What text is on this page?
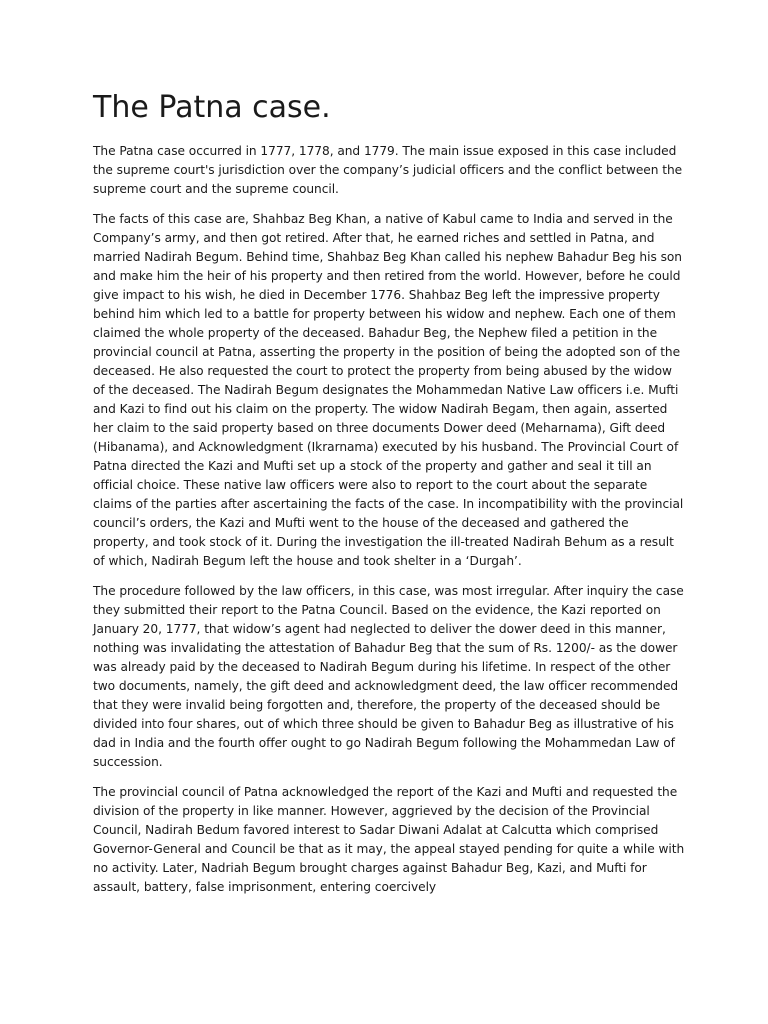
The Patna case.

The Patna case occurred in 1777, 1778, and 1779. The main issue exposed in this case included the supreme court's jurisdiction over the company’s judicial officers and the conflict between the supreme court and the supreme council.

The facts of this case are, Shahbaz Beg Khan, a native of Kabul came to India and served in the Company’s army, and then got retired. After that, he earned riches and settled in Patna, and married Nadirah Begum. Behind time, Shahbaz Beg Khan called his nephew Bahadur Beg his son and make him the heir of his property and then retired from the world. However, before he could give impact to his wish, he died in December 1776. Shahbaz Beg left the impressive property behind him which led to a battle for property between his widow and nephew. Each one of them claimed the whole property of the deceased. Bahadur Beg, the Nephew filed a petition in the provincial council at Patna, asserting the property in the position of being the adopted son of the deceased. He also requested the court to protect the property from being abused by the widow of the deceased. The Nadirah Begum designates the Mohammedan Native Law officers i.e. Mufti and Kazi to find out his claim on the property. The widow Nadirah Begam, then again, asserted her claim to the said property based on three documents Dower deed (Meharnama), Gift deed (Hibanama), and Acknowledgment (Ikrarnama) executed by his husband. The Provincial Court of Patna directed the Kazi and Mufti set up a stock of the property and gather and seal it till an official choice. These native law officers were also to report to the court about the separate claims of the parties after ascertaining the facts of the case. In incompatibility with the provincial council’s orders, the Kazi and Mufti went to the house of the deceased and gathered the property, and took stock of it. During the investigation the ill-treated Nadirah Behum as a result of which, Nadirah Begum left the house and took shelter in a ‘Durgah’.

The procedure followed by the law officers, in this case, was most irregular. After inquiry the case they submitted their report to the Patna Council. Based on the evidence, the Kazi reported on January 20, 1777, that widow’s agent had neglected to deliver the dower deed in this manner, nothing was invalidating the attestation of Bahadur Beg that the sum of Rs. 1200/- as the dower was already paid by the deceased to Nadirah Begum during his lifetime. In respect of the other two documents, namely, the gift deed and acknowledgment deed, the law officer recommended that they were invalid being forgotten and, therefore, the property of the deceased should be divided into four shares, out of which three should be given to Bahadur Beg as illustrative of his dad in India and the fourth offer ought to go Nadirah Begum following the Mohammedan Law of succession.

The provincial council of Patna acknowledged the report of the Kazi and Mufti and requested the division of the property in like manner. However, aggrieved by the decision of the Provincial Council, Nadirah Bedum favored interest to Sadar Diwani Adalat at Calcutta which comprised Governor-General and Council be that as it may, the appeal stayed pending for quite a while with no activity. Later, Nadriah Begum brought charges against Bahadur Beg, Kazi, and Mufti for assault, battery, false imprisonment, entering coercively
